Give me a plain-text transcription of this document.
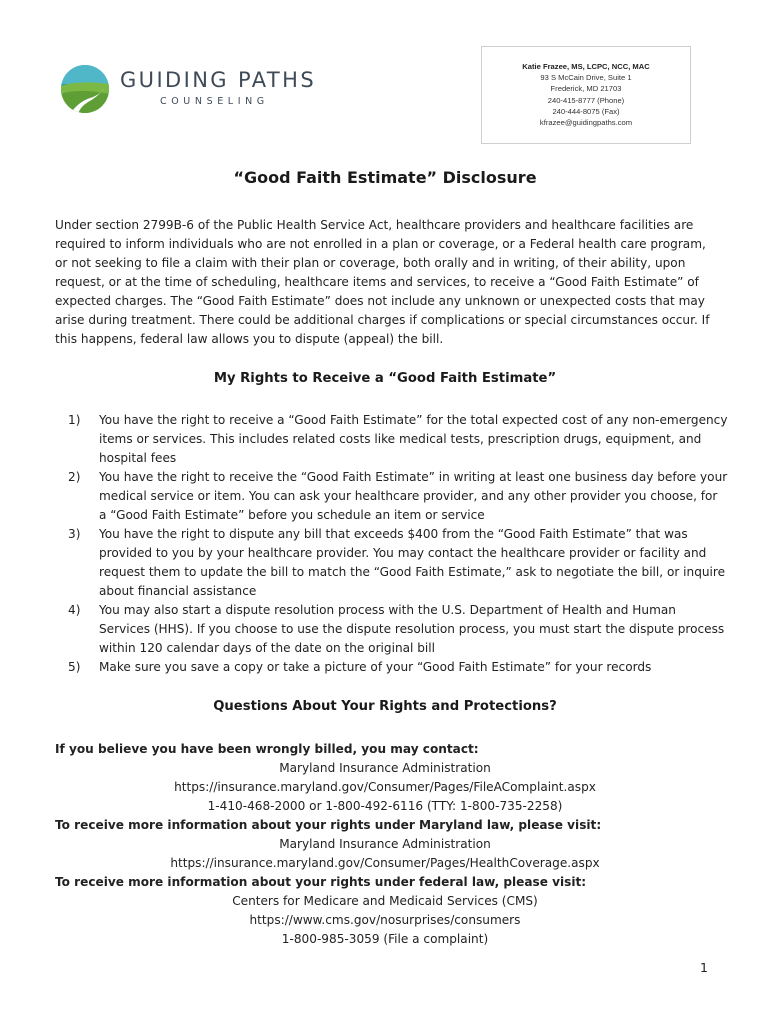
GUIDING PATHS
COUNSELING
Katie Frazee, MS, LCPC, NCC, MAC
93 S McCain Drive, Suite 1
Frederick, MD 21703
240-415-8777 (Phone)
240-444-8075 (Fax)
kfrazee@guidingpaths.com
“Good Faith Estimate” Disclosure

Under section 2799B-6 of the Public Health Service Act, healthcare providers and healthcare facilities are required to inform individuals who are not enrolled in a plan or coverage, or a Federal health care program, or not seeking to file a claim with their plan or coverage, both orally and in writing, of their ability, upon request, or at the time of scheduling, healthcare items and services, to receive a “Good Faith Estimate” of expected charges. The “Good Faith Estimate” does not include any unknown or unexpected costs that may arise during treatment. There could be additional charges if complications or special circumstances occur. If this happens, federal law allows you to dispute (appeal) the bill.

My Rights to Receive a “Good Faith Estimate”
1) You have the right to receive a “Good Faith Estimate” for the total expected cost of any non-emergency items or services. This includes related costs like medical tests, prescription drugs, equipment, and hospital fees
2) You have the right to receive the “Good Faith Estimate” in writing at least one business day before your medical service or item. You can ask your healthcare provider, and any other provider you choose, for a “Good Faith Estimate” before you schedule an item or service
3) You have the right to dispute any bill that exceeds $400 from the “Good Faith Estimate” that was provided to you by your healthcare provider. You may contact the healthcare provider or facility and request them to update the bill to match the “Good Faith Estimate,” ask to negotiate the bill, or inquire about financial assistance
4) You may also start a dispute resolution process with the U.S. Department of Health and Human Services (HHS). If you choose to use the dispute resolution process, you must start the dispute process within 120 calendar days of the date on the original bill
5) Make sure you save a copy or take a picture of your “Good Faith Estimate” for your records
Questions About Your Rights and Protections?
If you believe you have been wrongly billed, you may contact:
Maryland Insurance Administration
https://insurance.maryland.gov/Consumer/Pages/FileAComplaint.aspx
1-410-468-2000 or 1-800-492-6116 (TTY: 1-800-735-2258)
To receive more information about your rights under Maryland law, please visit:
Maryland Insurance Administration
https://insurance.maryland.gov/Consumer/Pages/HealthCoverage.aspx
To receive more information about your rights under federal law, please visit:
Centers for Medicare and Medicaid Services (CMS)
https://www.cms.gov/nosurprises/consumers
1-800-985-3059 (File a complaint)
1
